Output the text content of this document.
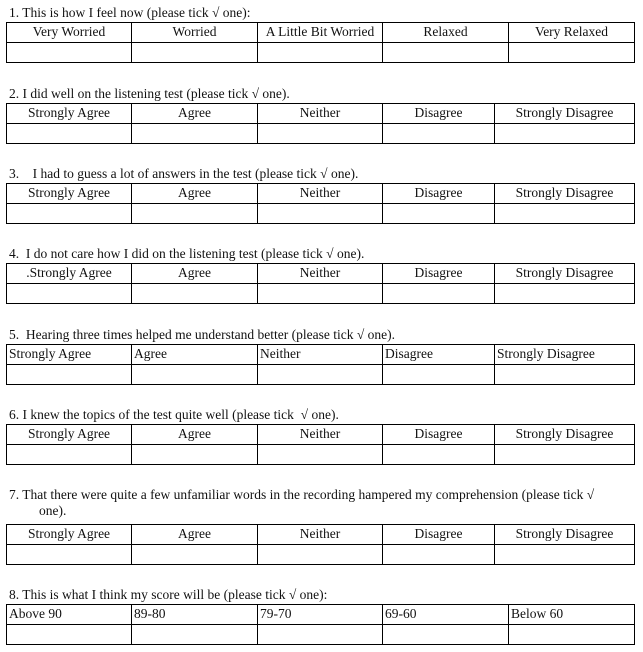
1. This is how I feel now (please tick √ one):
Very Worried	Worried	A Little Bit Worried	Relaxed	Very Relaxed

2. I did well on the listening test (please tick √ one).
Strongly Agree	Agree	Neither	Disagree	Strongly Disagree

3.    I had to guess a lot of answers in the test (please tick √ one).
Strongly Agree	Agree	Neither	Disagree	Strongly Disagree

4.  I do not care how I did on the listening test (please tick √ one).
.Strongly Agree	Agree	Neither	Disagree	Strongly Disagree

5.  Hearing three times helped me understand better (please tick √ one).
Strongly Agree	Agree	Neither	Disagree	Strongly Disagree

6. I knew the topics of the test quite well (please tick  √ one).
Strongly Agree	Agree	Neither	Disagree	Strongly Disagree

7. That there were quite a few unfamiliar words in the recording hampered my comprehension (please tick √
one).
Strongly Agree	Agree	Neither	Disagree	Strongly Disagree

8. This is what I think my score will be (please tick √ one):
Above 90	89-80	79-70	69-60	Below 60
